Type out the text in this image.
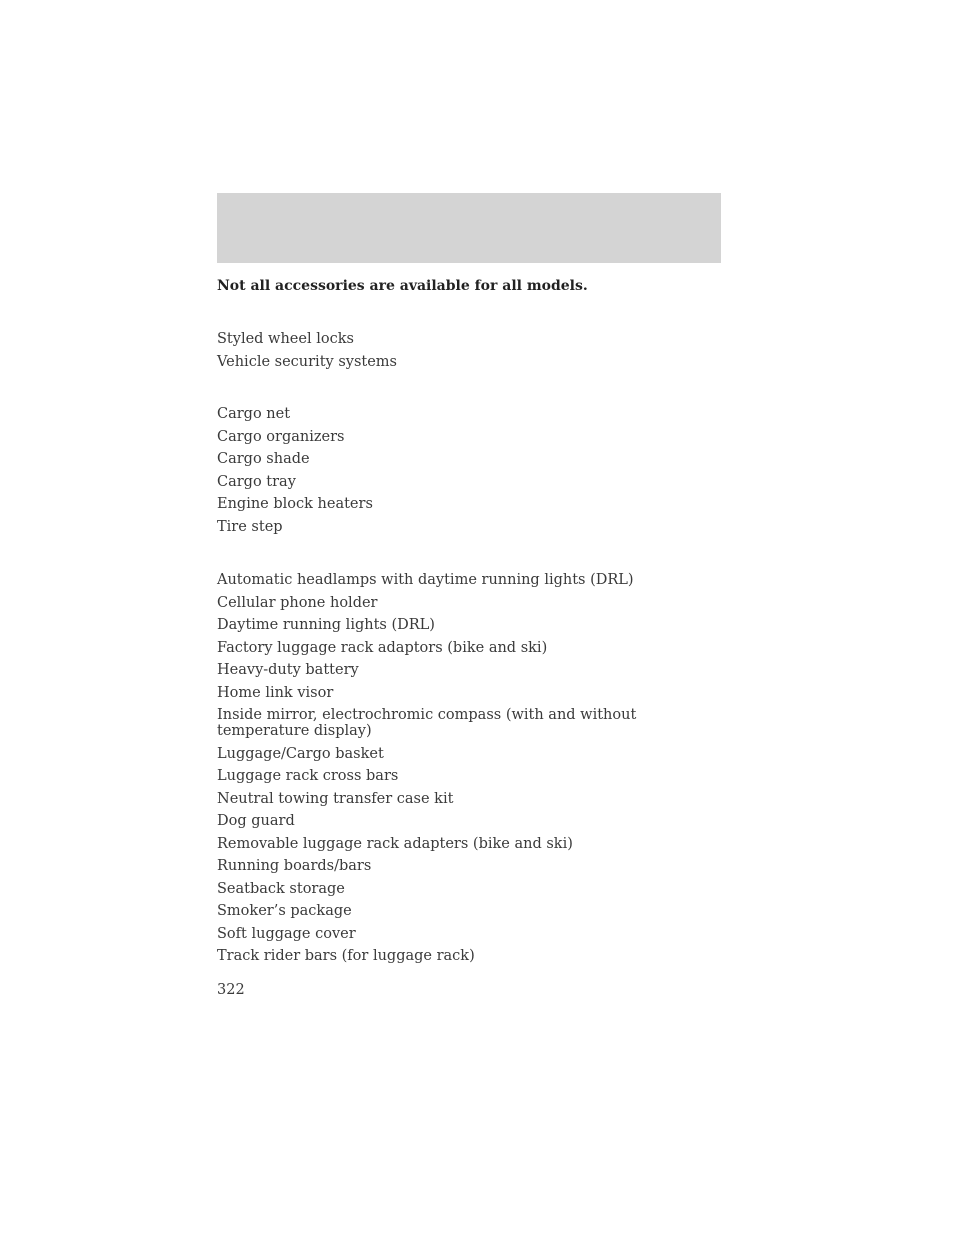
Not all accessories are available for all models.
Styled wheel locks
Vehicle security systems
Cargo net
Cargo organizers
Cargo shade
Cargo tray
Engine block heaters
Tire step
Automatic headlamps with daytime running lights (DRL)
Cellular phone holder
Daytime running lights (DRL)
Factory luggage rack adaptors (bike and ski)
Heavy-duty battery
Home link visor
Inside mirror, electrochromic compass (with and without temperature display)
Luggage/Cargo basket
Luggage rack cross bars
Neutral towing transfer case kit
Dog guard
Removable luggage rack adapters (bike and ski)
Running boards/bars
Seatback storage
Smoker’s package
Soft luggage cover
Track rider bars (for luggage rack)
322
